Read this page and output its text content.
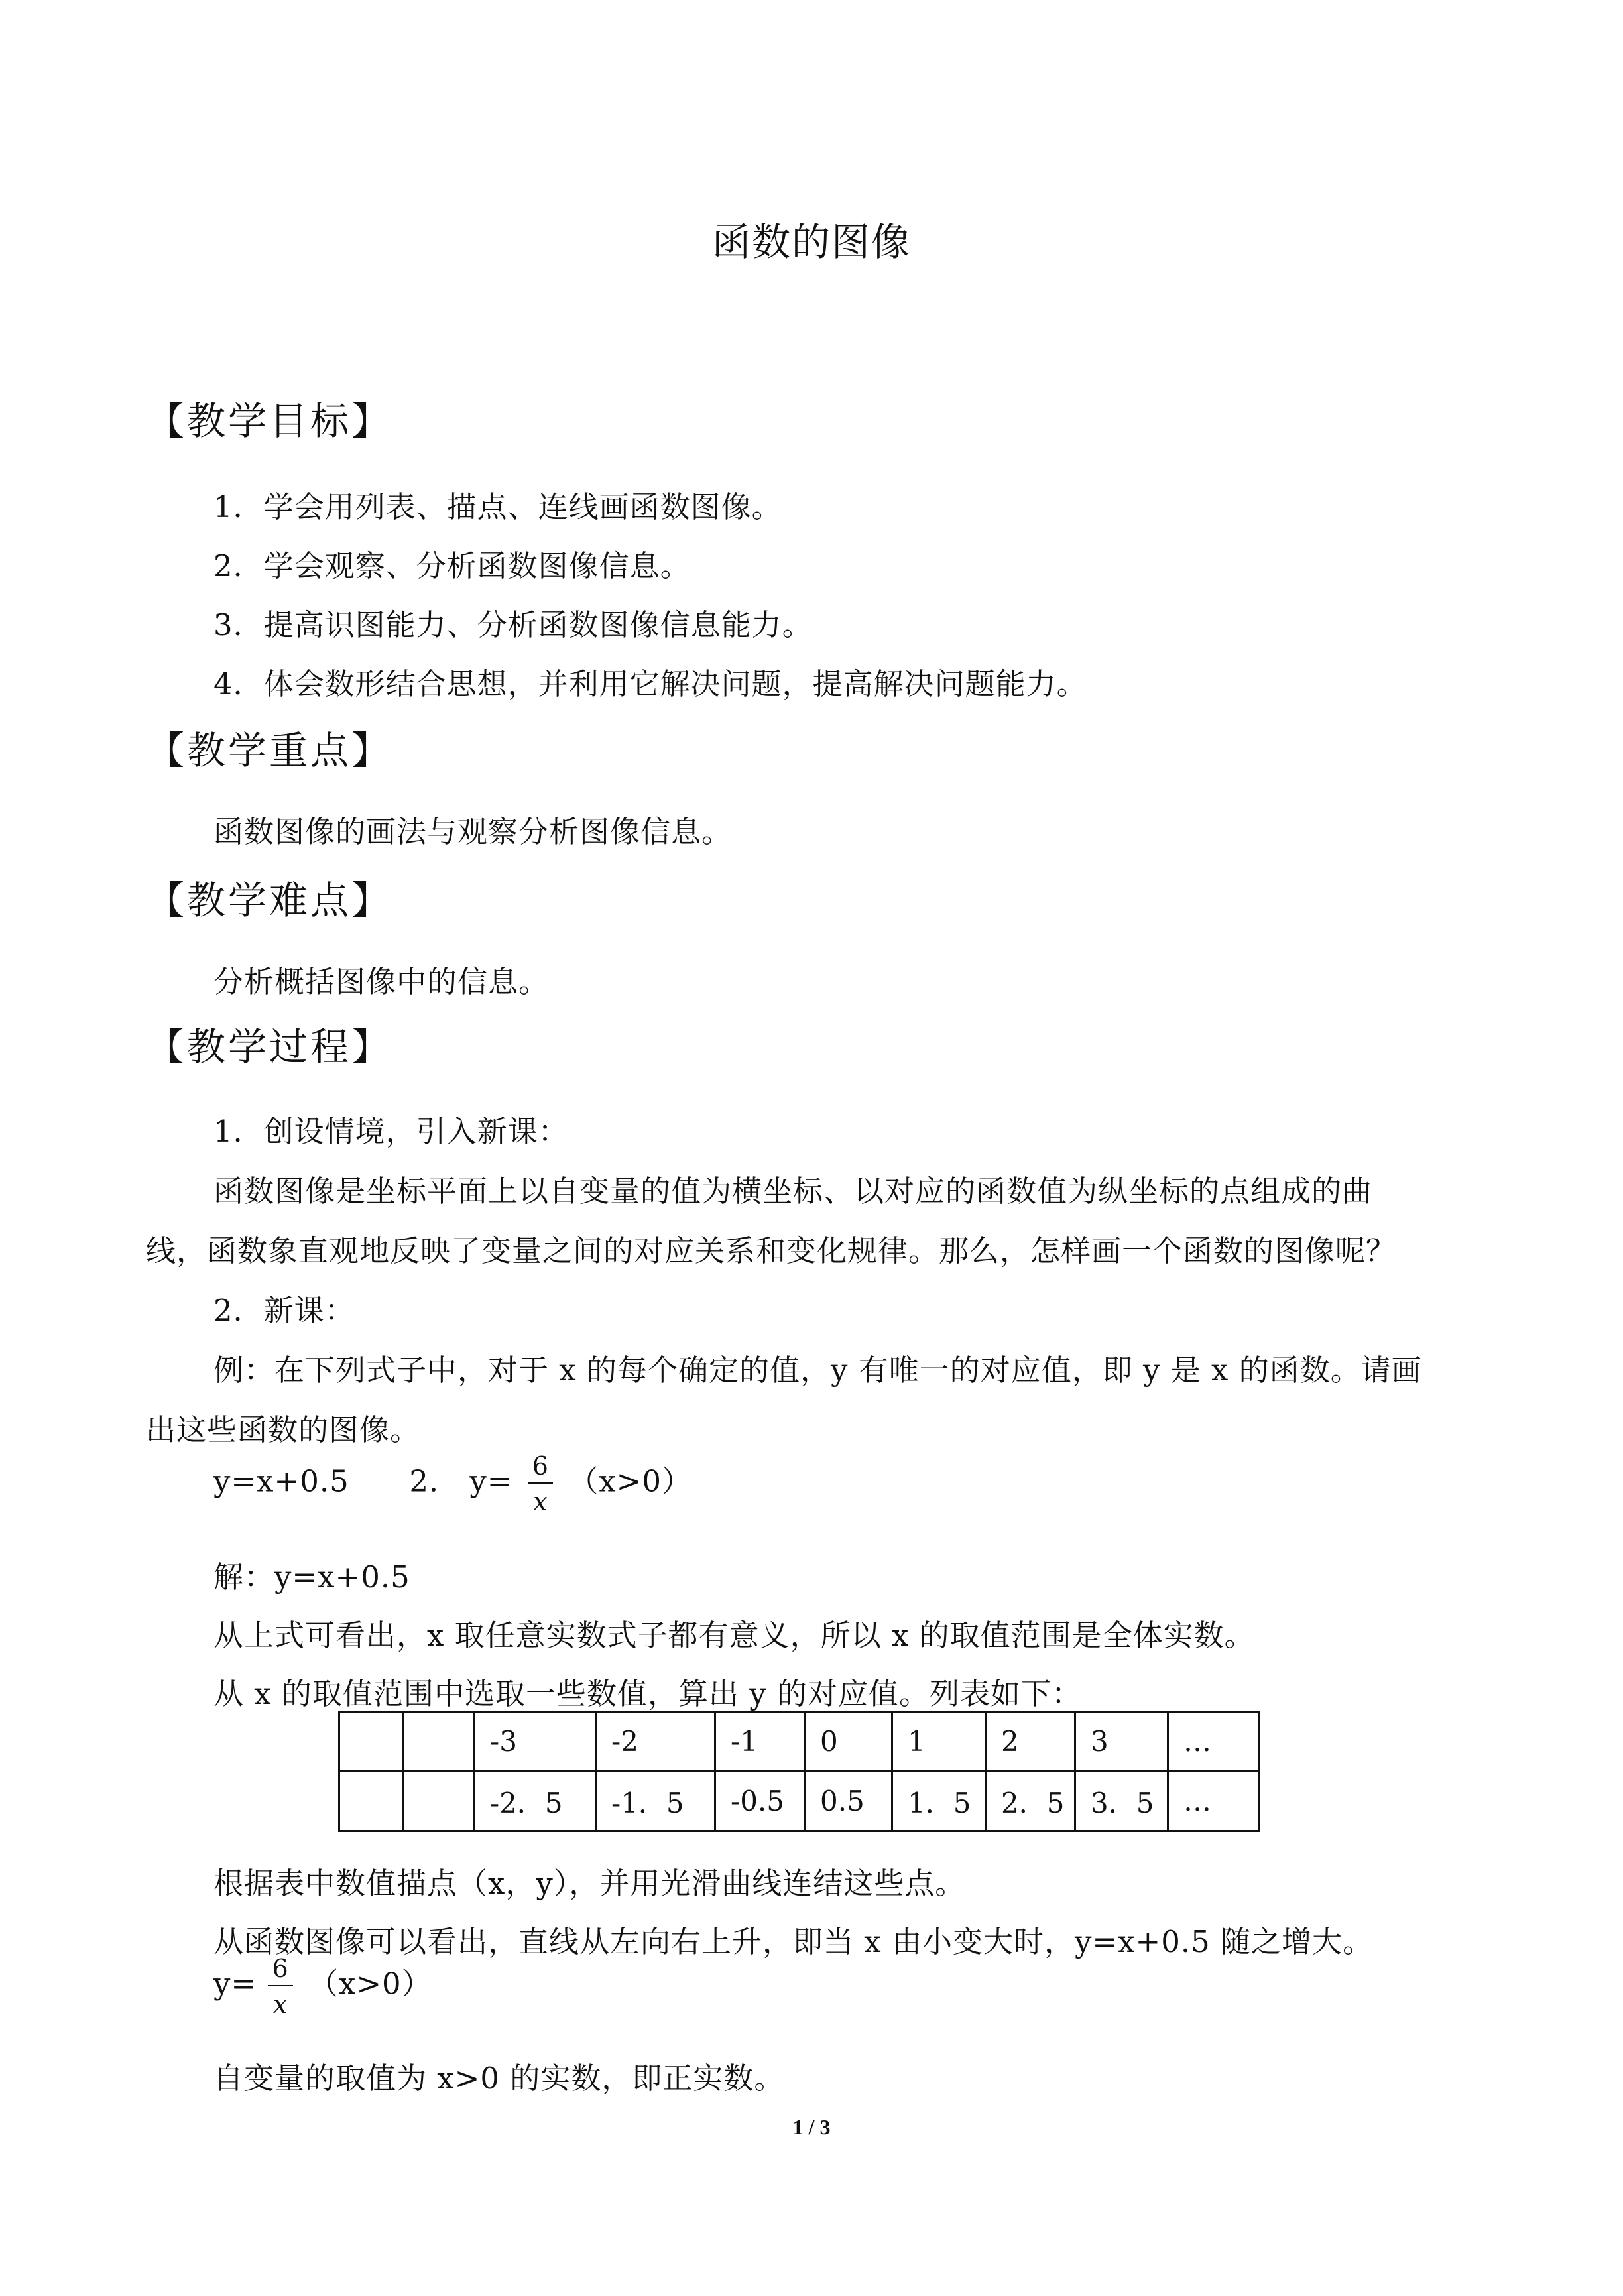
函数的图像
【教学目标】
1．学会用列表、描点、连线画函数图像。
2．学会观察、分析函数图像信息。
3．提高识图能力、分析函数图像信息能力。
4．体会数形结合思想，并利用它解决问题，提高解决问题能力。
【教学重点】
函数图像的画法与观察分析图像信息。
【教学难点】
分析概括图像中的信息。
【教学过程】
1．创设情境，引入新课：
函数图像是坐标平面上以自变量的值为横坐标、以对应的函数值为纵坐标的点组成的曲
线，函数象直观地反映了变量之间的对应关系和变化规律。那么，怎样画一个函数的图像呢？
2．新课：
例：在下列式子中，对于 x 的每个确定的值，y 有唯一的对应值，即 y 是 x 的函数。请画
出这些函数的图像。
y=x+0.5 2． $y= \frac{6}{x} (x>0)$
解：y=x+0.5
从上式可看出，x 取任意实数式子都有意义，所以 x 的取值范围是全体实数。
从 x 的取值范围中选取一些数值，算出 y 的对应值。列表如下：
		-3	-2	-1	0	1	2	3	…
		-2．5	-1．5	-0.5	0.5	1．5	2．5	3．5	…
根据表中数值描点（x，y），并用光滑曲线连结这些点。
从函数图像可以看出，直线从左向右上升，即当 x 由小变大时，y=x+0.5 随之增大。
$y= \frac{6}{x} (x>0)$
自变量的取值为 x>0 的实数，即正实数。
1 / 3
